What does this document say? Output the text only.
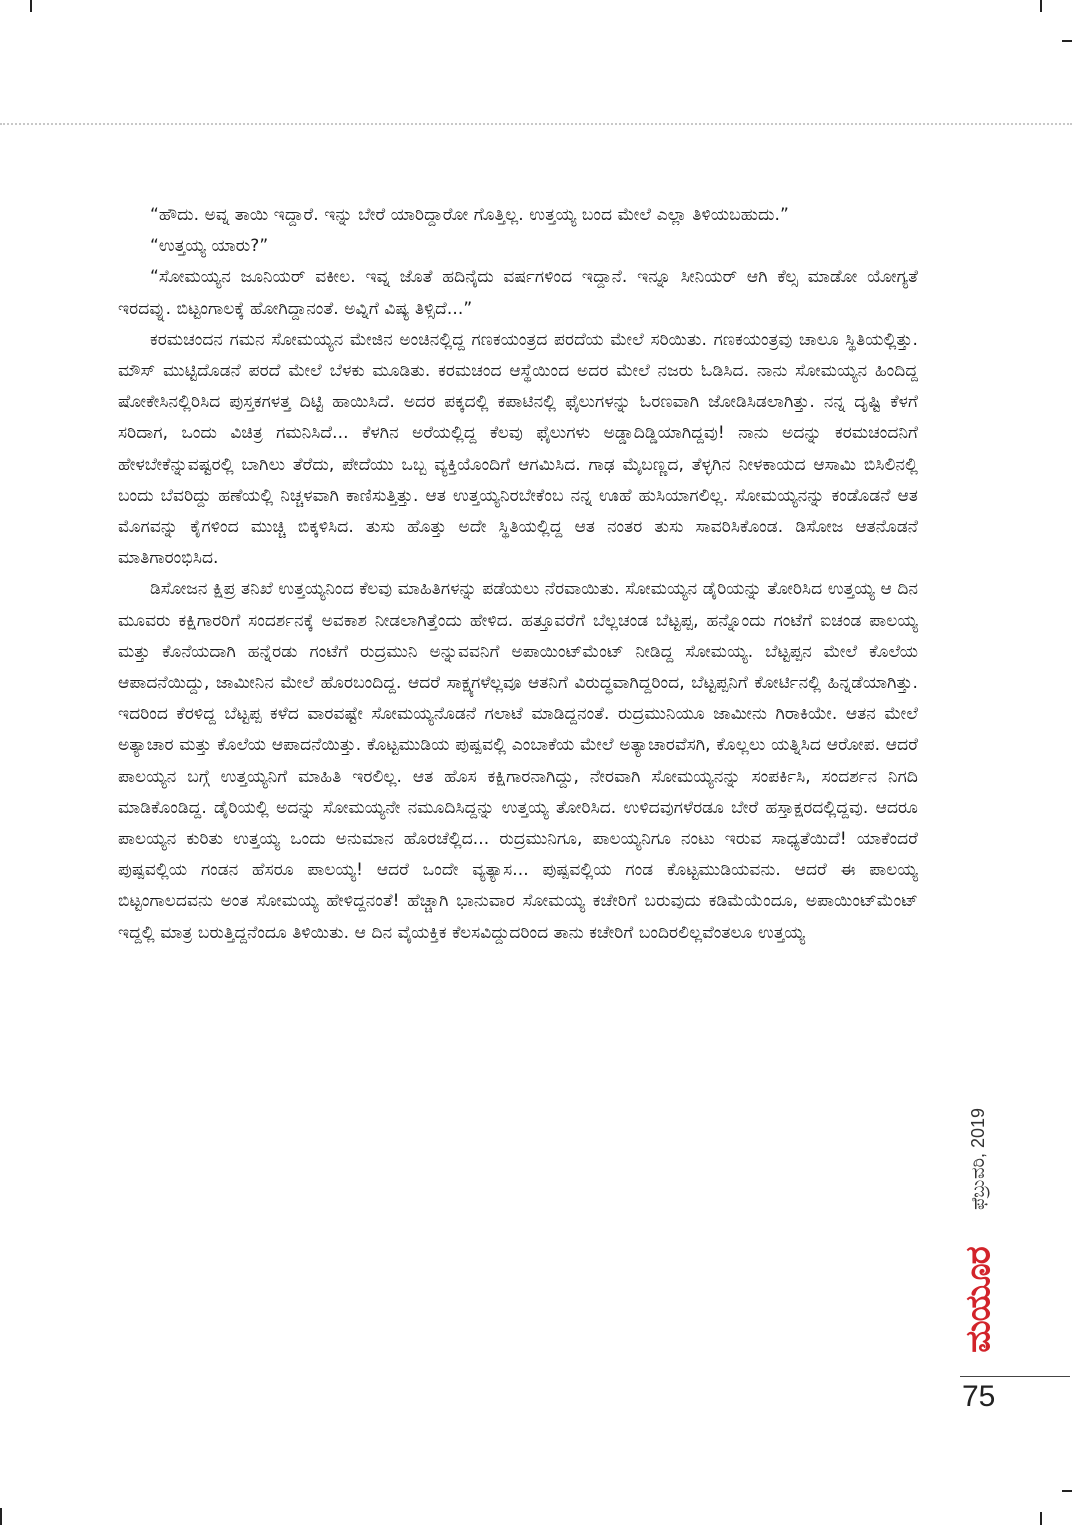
“ಹೌದು. ಅವ್ನ ತಾಯಿ ಇದ್ದಾರೆ. ಇನ್ನು ಬೇರೆ ಯಾರಿದ್ದಾರೋ ಗೊತ್ತಿಲ್ಲ. ಉತ್ತಯ್ಯ ಬಂದ ಮೇಲೆ ಎಲ್ಲಾ ತಿಳಿಯಬಹುದು.”

“ಉತ್ತಯ್ಯ ಯಾರು?”

“ಸೋಮಯ್ಯನ ಜೂನಿಯರ್ ವಕೀಲ. ಇವ್ನ ಜೊತೆ ಹದಿನೈದು ವರ್ಷಗಳಿಂದ ಇದ್ದಾನೆ. ಇನ್ನೂ ಸೀನಿಯರ್ ಆಗಿ ಕೆಲ್ಸ ಮಾಡೋ ಯೋಗ್ಯತೆ ಇರದವ್ನು. ಬಿಟ್ಟಂಗಾಲಕ್ಕೆ ಹೋಗಿದ್ದಾನಂತೆ. ಅವ್ನಿಗೆ ವಿಷ್ಯ ತಿಳ್ಸಿದೆ...”

ಕರಮಚಂದನ ಗಮನ ಸೋಮಯ್ಯನ ಮೇಜಿನ ಅಂಚಿನಲ್ಲಿದ್ದ ಗಣಕಯಂತ್ರದ ಪರದೆಯ ಮೇಲೆ ಸರಿಯಿತು. ಗಣಕಯಂತ್ರವು ಚಾಲೂ ಸ್ಥಿತಿಯಲ್ಲಿತ್ತು. ಮೌಸ್ ಮುಟ್ಟಿದೊಡನೆ ಪರದೆ ಮೇಲೆ ಬೆಳಕು ಮೂಡಿತು. ಕರಮಚಂದ ಆಸ್ಥೆಯಿಂದ ಅದರ ಮೇಲೆ ನಜರು ಓಡಿಸಿದ. ನಾನು ಸೋಮಯ್ಯನ ಹಿಂದಿದ್ದ ಷೋಕೇಸಿನಲ್ಲಿರಿಸಿದ ಪುಸ್ತಕಗಳತ್ತ ದಿಟ್ಟಿ ಹಾಯಿಸಿದೆ. ಅದರ ಪಕ್ಕದಲ್ಲಿ ಕಪಾಟಿನಲ್ಲಿ ಫೈಲುಗಳನ್ನು ಓರಣವಾಗಿ ಜೋಡಿಸಿಡಲಾಗಿತ್ತು. ನನ್ನ ದೃಷ್ಟಿ ಕೆಳಗೆ ಸರಿದಾಗ, ಒಂದು ವಿಚಿತ್ರ ಗಮನಿಸಿದೆ... ಕೆಳಗಿನ ಅರೆಯಲ್ಲಿದ್ದ ಕೆಲವು ಫೈಲುಗಳು ಅಡ್ಡಾದಿಡ್ಡಿಯಾಗಿದ್ದವು! ನಾನು ಅದನ್ನು ಕರಮಚಂದನಿಗೆ ಹೇಳಬೇಕೆನ್ನುವಷ್ಟರಲ್ಲಿ ಬಾಗಿಲು ತೆರೆದು, ಪೇದೆಯು ಒಬ್ಬ ವ್ಯಕ್ತಿಯೊಂದಿಗೆ ಆಗಮಿಸಿದ. ಗಾಢ ಮೈಬಣ್ಣದ, ತೆಳ್ಳಗಿನ ನೀಳಕಾಯದ ಆಸಾಮಿ ಬಿಸಿಲಿನಲ್ಲಿ ಬಂದು ಬೆವರಿದ್ದು ಹಣೆಯಲ್ಲಿ ನಿಚ್ಚಳವಾಗಿ ಕಾಣಿಸುತ್ತಿತ್ತು. ಆತ ಉತ್ತಯ್ಯನಿರಬೇಕೆಂಬ ನನ್ನ ಊಹೆ ಹುಸಿಯಾಗಲಿಲ್ಲ. ಸೋಮಯ್ಯನನ್ನು ಕಂಡೊಡನೆ ಆತ ಮೊಗವನ್ನು ಕೈಗಳಿಂದ ಮುಚ್ಚಿ ಬಿಕ್ಕಳಿಸಿದ. ತುಸು ಹೊತ್ತು ಅದೇ ಸ್ಥಿತಿಯಲ್ಲಿದ್ದ ಆತ ನಂತರ ತುಸು ಸಾವರಿಸಿಕೊಂಡ. ಡಿಸೋಜ ಆತನೊಡನೆ ಮಾತಿಗಾರಂಭಿಸಿದ.

ಡಿಸೋಜನ ಕ್ಷಿಪ್ರ ತನಿಖೆ ಉತ್ತಯ್ಯನಿಂದ ಕೆಲವು ಮಾಹಿತಿಗಳನ್ನು ಪಡೆಯಲು ನೆರವಾಯಿತು. ಸೋಮಯ್ಯನ ಡೈರಿಯನ್ನು ತೋರಿಸಿದ ಉತ್ತಯ್ಯ ಆ ದಿನ ಮೂವರು ಕಕ್ಷಿಗಾರರಿಗೆ ಸಂದರ್ಶನಕ್ಕೆ ಅವಕಾಶ ನೀಡಲಾಗಿತ್ತೆಂದು ಹೇಳಿದ. ಹತ್ತೂವರೆಗೆ ಬೆಲ್ಲಚಂಡ ಬೆಟ್ಟಪ್ಪ, ಹನ್ನೊಂದು ಗಂಟೆಗೆ ಐಚಂಡ ಪಾಲಯ್ಯ ಮತ್ತು ಕೊನೆಯದಾಗಿ ಹನ್ನೆರಡು ಗಂಟೆಗೆ ರುದ್ರಮುನಿ ಅನ್ನುವವನಿಗೆ ಅಪಾಯಿಂಟ್‌ಮೆಂಟ್ ನೀಡಿದ್ದ ಸೋಮಯ್ಯ. ಬೆಟ್ಟಪ್ಪನ ಮೇಲೆ ಕೊಲೆಯ ಆಪಾದನೆಯಿದ್ದು, ಜಾಮೀನಿನ ಮೇಲೆ ಹೊರಬಂದಿದ್ದ. ಆದರೆ ಸಾಕ್ಷ್ಯಗಳೆಲ್ಲವೂ ಆತನಿಗೆ ವಿರುದ್ಧವಾಗಿದ್ದರಿಂದ, ಬೆಟ್ಟಪ್ಪನಿಗೆ ಕೋರ್ಟಿನಲ್ಲಿ ಹಿನ್ನಡೆಯಾಗಿತ್ತು. ಇದರಿಂದ ಕೆರಳಿದ್ದ ಬೆಟ್ಟಪ್ಪ ಕಳೆದ ವಾರವಷ್ಟೇ ಸೋಮಯ್ಯನೊಡನೆ ಗಲಾಟೆ ಮಾಡಿದ್ದನಂತೆ. ರುದ್ರಮುನಿಯೂ ಜಾಮೀನು ಗಿರಾಕಿಯೇ. ಆತನ ಮೇಲೆ ಅತ್ಯಾಚಾರ ಮತ್ತು ಕೊಲೆಯ ಆಪಾದನೆಯಿತ್ತು. ಕೊಟ್ಟಮುಡಿಯ ಪುಷ್ಪವಲ್ಲಿ ಎಂಬಾಕೆಯ ಮೇಲೆ ಅತ್ಯಾಚಾರವೆಸಗಿ, ಕೊಲ್ಲಲು ಯತ್ನಿಸಿದ ಆರೋಪ. ಆದರೆ ಪಾಲಯ್ಯನ ಬಗ್ಗೆ ಉತ್ತಯ್ಯನಿಗೆ ಮಾಹಿತಿ ಇರಲಿಲ್ಲ. ಆತ ಹೊಸ ಕಕ್ಷಿಗಾರನಾಗಿದ್ದು, ನೇರವಾಗಿ ಸೋಮಯ್ಯನನ್ನು ಸಂಪರ್ಕಿಸಿ, ಸಂದರ್ಶನ ನಿಗದಿ ಮಾಡಿಕೊಂಡಿದ್ದ. ಡೈರಿಯಲ್ಲಿ ಅದನ್ನು ಸೋಮಯ್ಯನೇ ನಮೂದಿಸಿದ್ದನ್ನು ಉತ್ತಯ್ಯ ತೋರಿಸಿದ. ಉಳಿದವುಗಳೆರಡೂ ಬೇರೆ ಹಸ್ತಾಕ್ಷರದಲ್ಲಿದ್ದವು. ಆದರೂ ಪಾಲಯ್ಯನ ಕುರಿತು ಉತ್ತಯ್ಯ ಒಂದು ಅನುಮಾನ ಹೊರಚೆಲ್ಲಿದ... ರುದ್ರಮುನಿಗೂ, ಪಾಲಯ್ಯನಿಗೂ ನಂಟು ಇರುವ ಸಾಧ್ಯತೆಯಿದೆ! ಯಾಕೆಂದರೆ ಪುಷ್ಪವಲ್ಲಿಯ ಗಂಡನ ಹೆಸರೂ ಪಾಲಯ್ಯ! ಆದರೆ ಒಂದೇ ವ್ಯತ್ಯಾಸ... ಪುಷ್ಪವಲ್ಲಿಯ ಗಂಡ ಕೊಟ್ಟಮುಡಿಯವನು. ಆದರೆ ಈ ಪಾಲಯ್ಯ ಬಿಟ್ಟಂಗಾಲದವನು ಅಂತ ಸೋಮಯ್ಯ ಹೇಳಿದ್ದನಂತೆ! ಹೆಚ್ಚಾಗಿ ಭಾನುವಾರ ಸೋಮಯ್ಯ ಕಚೇರಿಗೆ ಬರುವುದು ಕಡಿಮೆಯೆಂದೂ, ಅಪಾಯಿಂಟ್‌ಮೆಂಟ್ ಇದ್ದಲ್ಲಿ ಮಾತ್ರ ಬರುತ್ತಿದ್ದನೆಂದೂ ತಿಳಿಯಿತು. ಆ ದಿನ ವೈಯಕ್ತಿಕ ಕೆಲಸವಿದ್ದುದರಿಂದ ತಾನು ಕಚೇರಿಗೆ ಬಂದಿರಲಿಲ್ಲವೆಂತಲೂ ಉತ್ತಯ್ಯ

ಫೆಬ್ರುವರಿ, 2019
ಮಯೂರ
75
